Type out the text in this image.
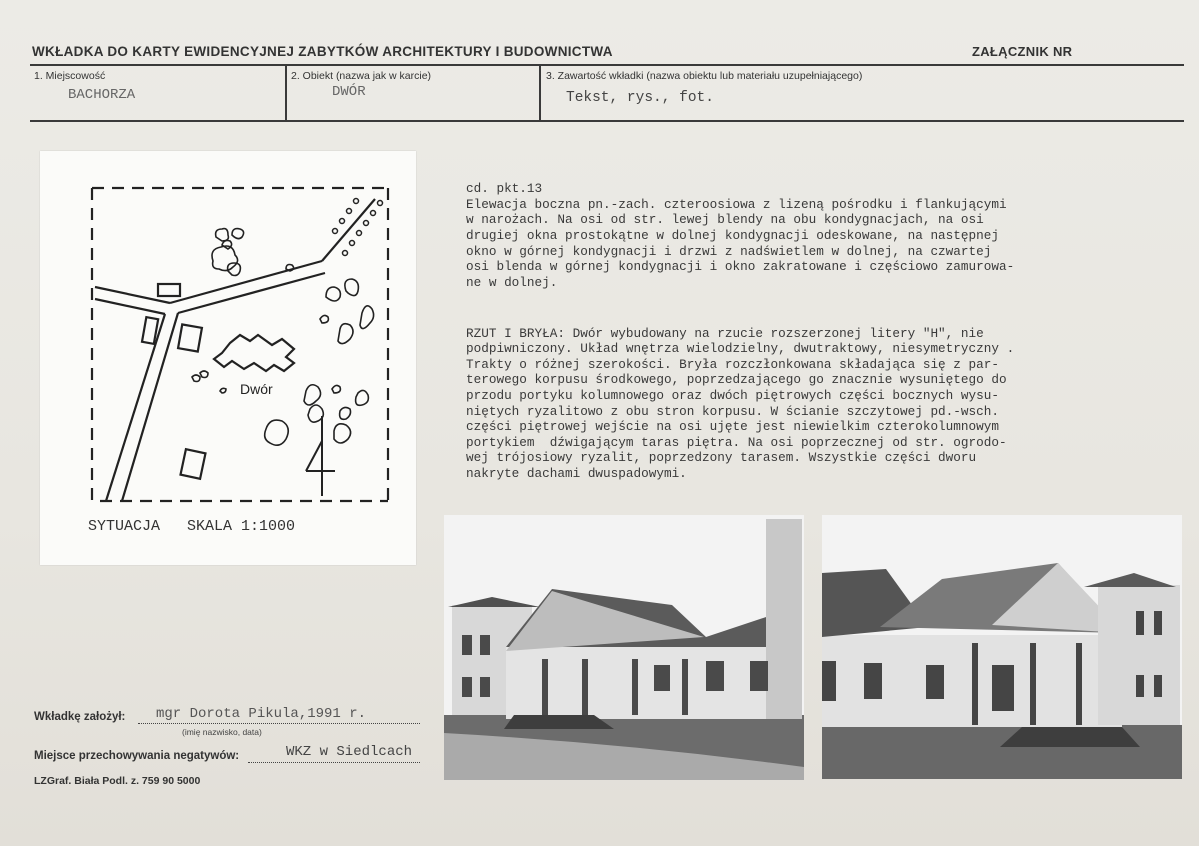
WKŁADKA DO KARTY EWIDENCYJNEJ ZABYTKÓW ARCHITEKTURY I BUDOWNICTWA	ZAŁĄCZNIK NR
1. Miejscowość
BACHORZA
2. Obiekt (nazwa jak w karcie)
DWÓR
3. Zawartość wkładki (nazwa obiektu lub materiału uzupełniającego)
Tekst, rys., fot.

cd. pkt.13
Elewacja boczna pn.-zach. czteroosiowa z lizeną pośrodku i flankującymi
w narożach. Na osi od str. lewej blendy na obu kondygnacjach, na osi
drugiej okna prostokątne w dolnej kondygnacji odeskowane, na następnej
okno w górnej kondygnacji i drzwi z nadświetlem w dolnej, na czwartej
osi blenda w górnej kondygnacji i okno zakratowane i częściowo zamurowa-
ne w dolnej.

RZUT I BRYŁA: Dwór wybudowany na rzucie rozszerzonej litery "H", nie
podpiwniczony. Układ wnętrza wielodzielny, dwutraktowy, niesymetryczny .
Trakty o różnej szerokości. Bryła rozczłonkowana składająca się z par-
terowego korpusu środkowego, poprzedzającego go znacznie wysuniętego do
przodu portyku kolumnowego oraz dwóch piętrowych części bocznych wysu-
niętych ryzalitowo z obu stron korpusu. W ścianie szczytowej pd.-wsch.
części piętrowej wejście na osi ujęte jest niewielkim czterokolumnowym
portykiem  dźwigającym taras piętra. Na osi poprzecznej od str. ogrodo-
wej trójosiowy ryzalit, poprzedzony tarasem. Wszystkie części dworu
nakryte dachami dwuspadowymi.

Dwór
SYTUACJA   SKALA 1:1000
Wkładkę założył: mgr Dorota Pikula,1991 r.
(imię nazwisko, data)
Miejsce przechowywania negatywów:	WKZ w Siedlcach
LZGraf. Biała Podl. z. 759 90 5000
